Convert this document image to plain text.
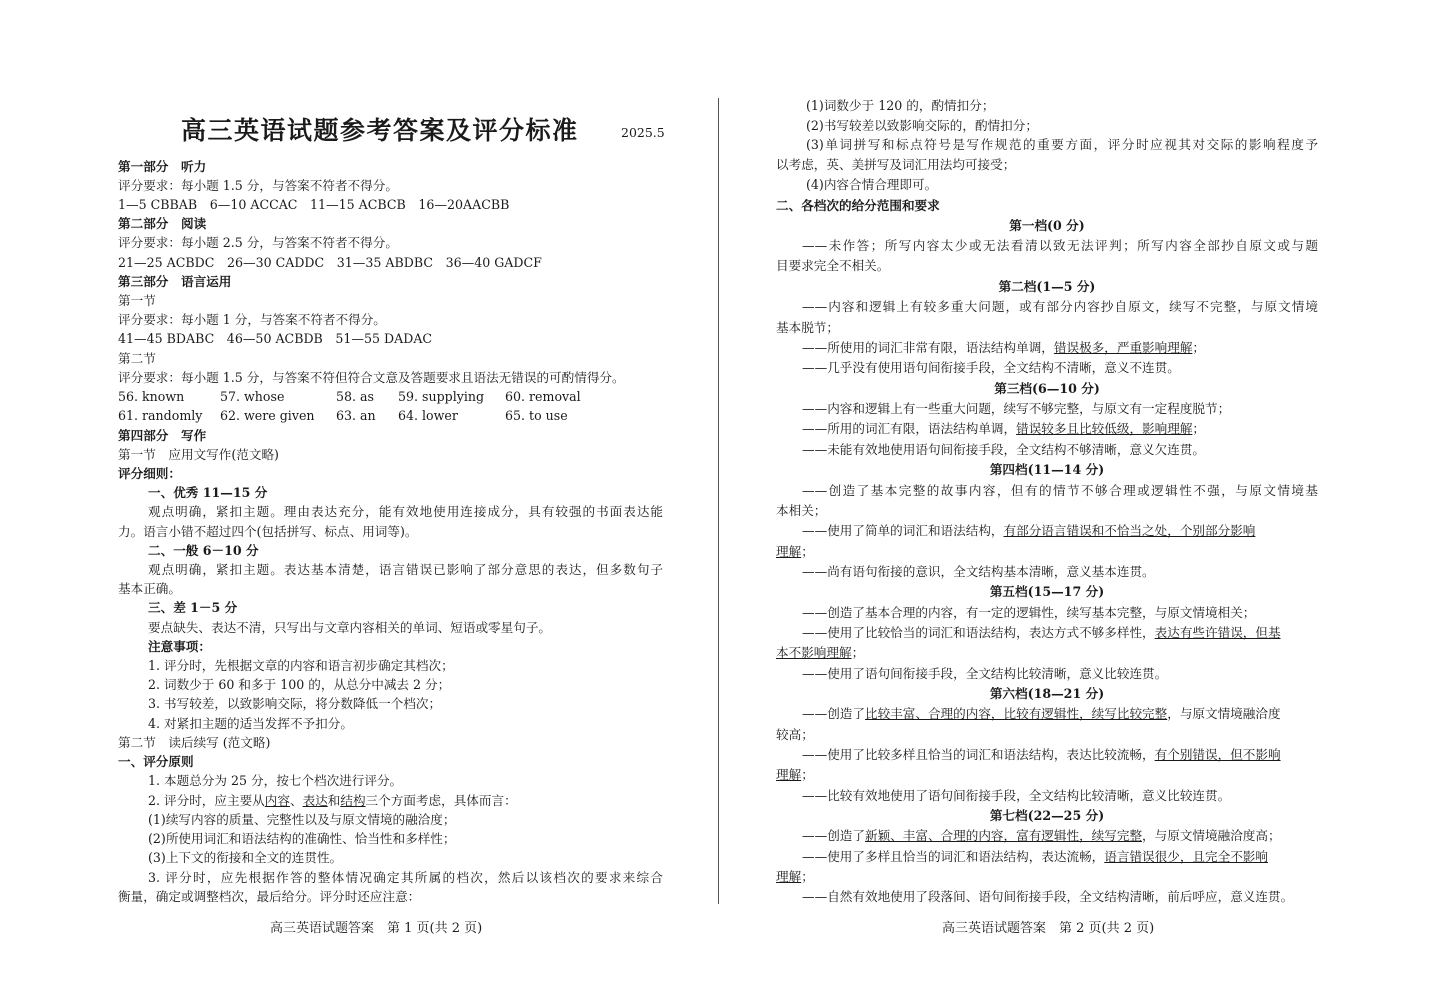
高三英语试题参考答案及评分标准	2025.5
第一部分　听力
评分要求：每小题 1.5 分，与答案不符者不得分。
1—5 CBBAB　6—10 ACCAC　11—15 ACBCB　16—20AACBB
第二部分　阅读
评分要求：每小题 2.5 分，与答案不符者不得分。
21—25 ACBDC　26—30 CADDC　31—35 ABDBC　36—40 GADCF
第三部分　语言运用
第一节
评分要求：每小题 1 分，与答案不符者不得分。
41—45 BDABC　46—50 ACBDB　51—55 DADAC
第二节
评分要求：每小题 1.5 分，与答案不符但符合文意及答题要求且语法无错误的可酌情得分。
56. known	57. whose	58. as 59. supplying 60. removal
61. randomly 62. were given 63. an 64. lower	65. to use
第四部分　写作
第一节　应用文写作(范文略)
评分细则：
一、优秀 11—15 分
观点明确，紧扣主题。理由表达充分，能有效地使用连接成分，具有较强的书面表达能
力。语言小错不超过四个(包括拼写、标点、用词等)。
二、一般 6－10 分
观点明确，紧扣主题。表达基本清楚，语言错误已影响了部分意思的表达，但多数句子
基本正确。
三、差 1－5 分
要点缺失、表达不清，只写出与文章内容相关的单词、短语或零星句子。
注意事项：
1. 评分时，先根据文章的内容和语言初步确定其档次；
2. 词数少于 60 和多于 100 的，从总分中减去 2 分；
3. 书写较差，以致影响交际，将分数降低一个档次；
4. 对紧扣主题的适当发挥不予扣分。
第二节　读后续写 (范文略)
一、评分原则
1. 本题总分为 25 分，按七个档次进行评分。
2. 评分时，应主要从内容、表达和结构三个方面考虑，具体而言：
(1)续写内容的质量、完整性以及与原文情境的融洽度；
(2)所使用词汇和语法结构的准确性、恰当性和多样性；
(3)上下文的衔接和全文的连贯性。
3. 评分时，应先根据作答的整体情况确定其所属的档次，然后以该档次的要求来综合
衡量，确定或调整档次，最后给分。评分时还应注意：
高三英语试题答案　第 1 页(共 2 页)
(1)词数少于 120 的，酌情扣分；
(2)书写较差以致影响交际的，酌情扣分；
(3)单词拼写和标点符号是写作规范的重要方面，评分时应视其对交际的影响程度予
以考虑，英、美拼写及词汇用法均可接受；
(4)内容合情合理即可。
二、各档次的给分范围和要求
第一档(0 分)
——未作答；所写内容太少或无法看清以致无法评判；所写内容全部抄自原文或与题
目要求完全不相关。
第二档(1—5 分)
——内容和逻辑上有较多重大问题，或有部分内容抄自原文，续写不完整，与原文情境
基本脱节；
——所使用的词汇非常有限，语法结构单调，错误极多，严重影响理解；
——几乎没有使用语句间衔接手段，全文结构不清晰，意义不连贯。
第三档(6—10 分)
——内容和逻辑上有一些重大问题，续写不够完整，与原文有一定程度脱节；
——所用的词汇有限，语法结构单调，错误较多且比较低级，影响理解；
——未能有效地使用语句间衔接手段，全文结构不够清晰，意义欠连贯。
第四档(11—14 分)
——创造了基本完整的故事内容，但有的情节不够合理或逻辑性不强，与原文情境基
本相关；
——使用了简单的词汇和语法结构，有部分语言错误和不恰当之处，个别部分影响
理解；
——尚有语句衔接的意识，全文结构基本清晰，意义基本连贯。
第五档(15—17 分)
——创造了基本合理的内容，有一定的逻辑性，续写基本完整，与原文情境相关；
——使用了比较恰当的词汇和语法结构，表达方式不够多样性，表达有些许错误，但基
本不影响理解；
——使用了语句间衔接手段，全文结构比较清晰，意义比较连贯。
第六档(18—21 分)
——创造了比较丰富、合理的内容，比较有逻辑性，续写比较完整，与原文情境融洽度
较高；
——使用了比较多样且恰当的词汇和语法结构，表达比较流畅，有个别错误，但不影响
理解；
——比较有效地使用了语句间衔接手段，全文结构比较清晰，意义比较连贯。
第七档(22—25 分)
——创造了新颖、丰富、合理的内容，富有逻辑性，续写完整，与原文情境融洽度高；
——使用了多样且恰当的词汇和语法结构，表达流畅，语言错误很少，且完全不影响
理解；
——自然有效地使用了段落间、语句间衔接手段，全文结构清晰，前后呼应，意义连贯。
高三英语试题答案　第 2 页(共 2 页)
